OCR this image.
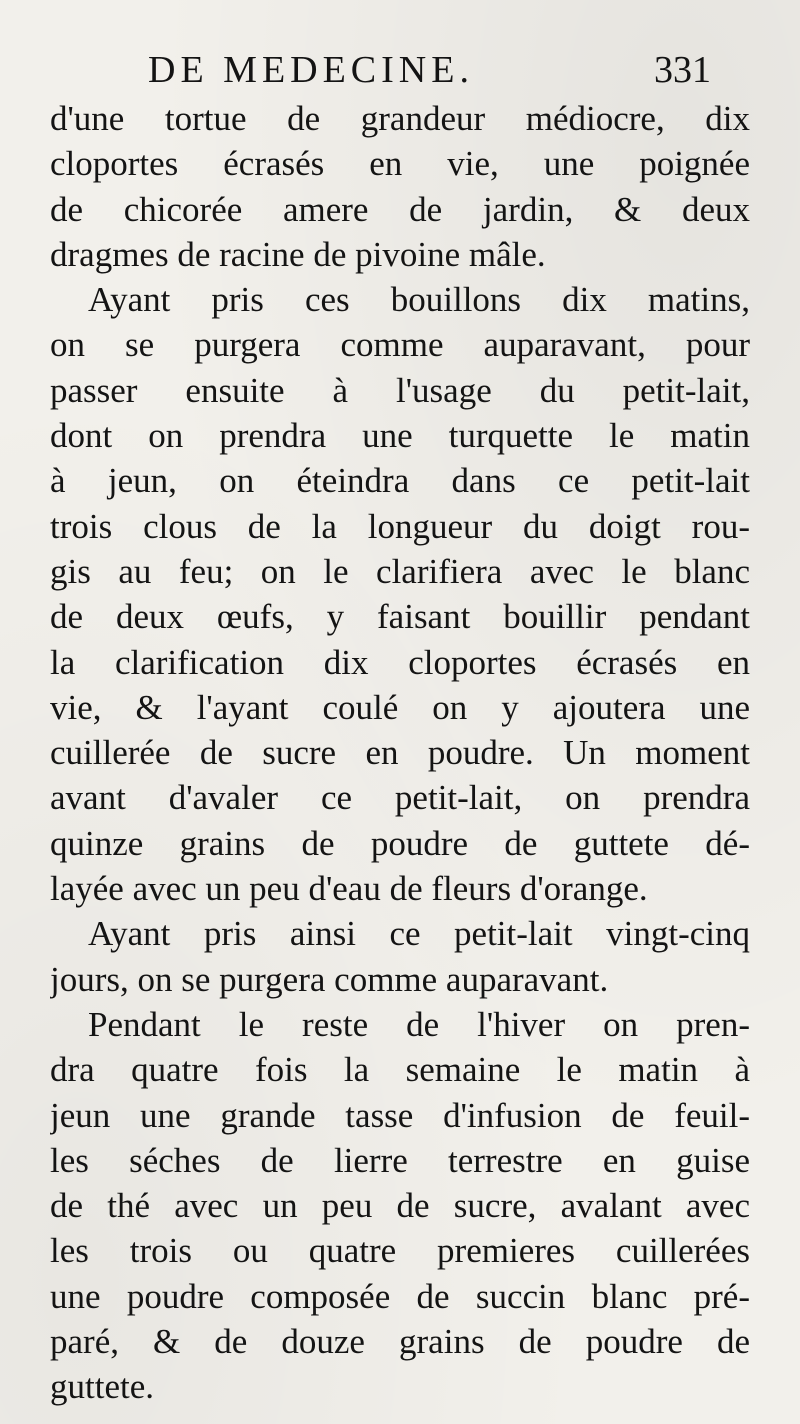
DE MEDECINE.	331
d'une tortue de grandeur médiocre, dix
cloportes écrasés en vie, une poignée
de chicorée amere de jardin, & deux
dragmes de racine de pivoine mâle.
Ayant pris ces bouillons dix matins,
on se purgera comme auparavant, pour
passer ensuite à l'usage du petit-lait,
dont on prendra une turquette le matin
à jeun, on éteindra dans ce petit-lait
trois clous de la longueur du doigt rou-
gis au feu; on le clarifiera avec le blanc
de deux œufs, y faisant bouillir pendant
la clarification dix cloportes écrasés en
vie, & l'ayant coulé on y ajoutera une
cuillerée de sucre en poudre. Un moment
avant d'avaler ce petit-lait, on prendra
quinze grains de poudre de guttete dé-
layée avec un peu d'eau de fleurs d'orange.
Ayant pris ainsi ce petit-lait vingt-cinq
jours, on se purgera comme auparavant.
Pendant le reste de l'hiver on pren-
dra quatre fois la semaine le matin à
jeun une grande tasse d'infusion de feuil-
les séches de lierre terrestre en guise
de thé avec un peu de sucre, avalant avec
les trois ou quatre premieres cuillerées
une poudre composée de succin blanc pré-
paré, & de douze grains de poudre de
guttete.
